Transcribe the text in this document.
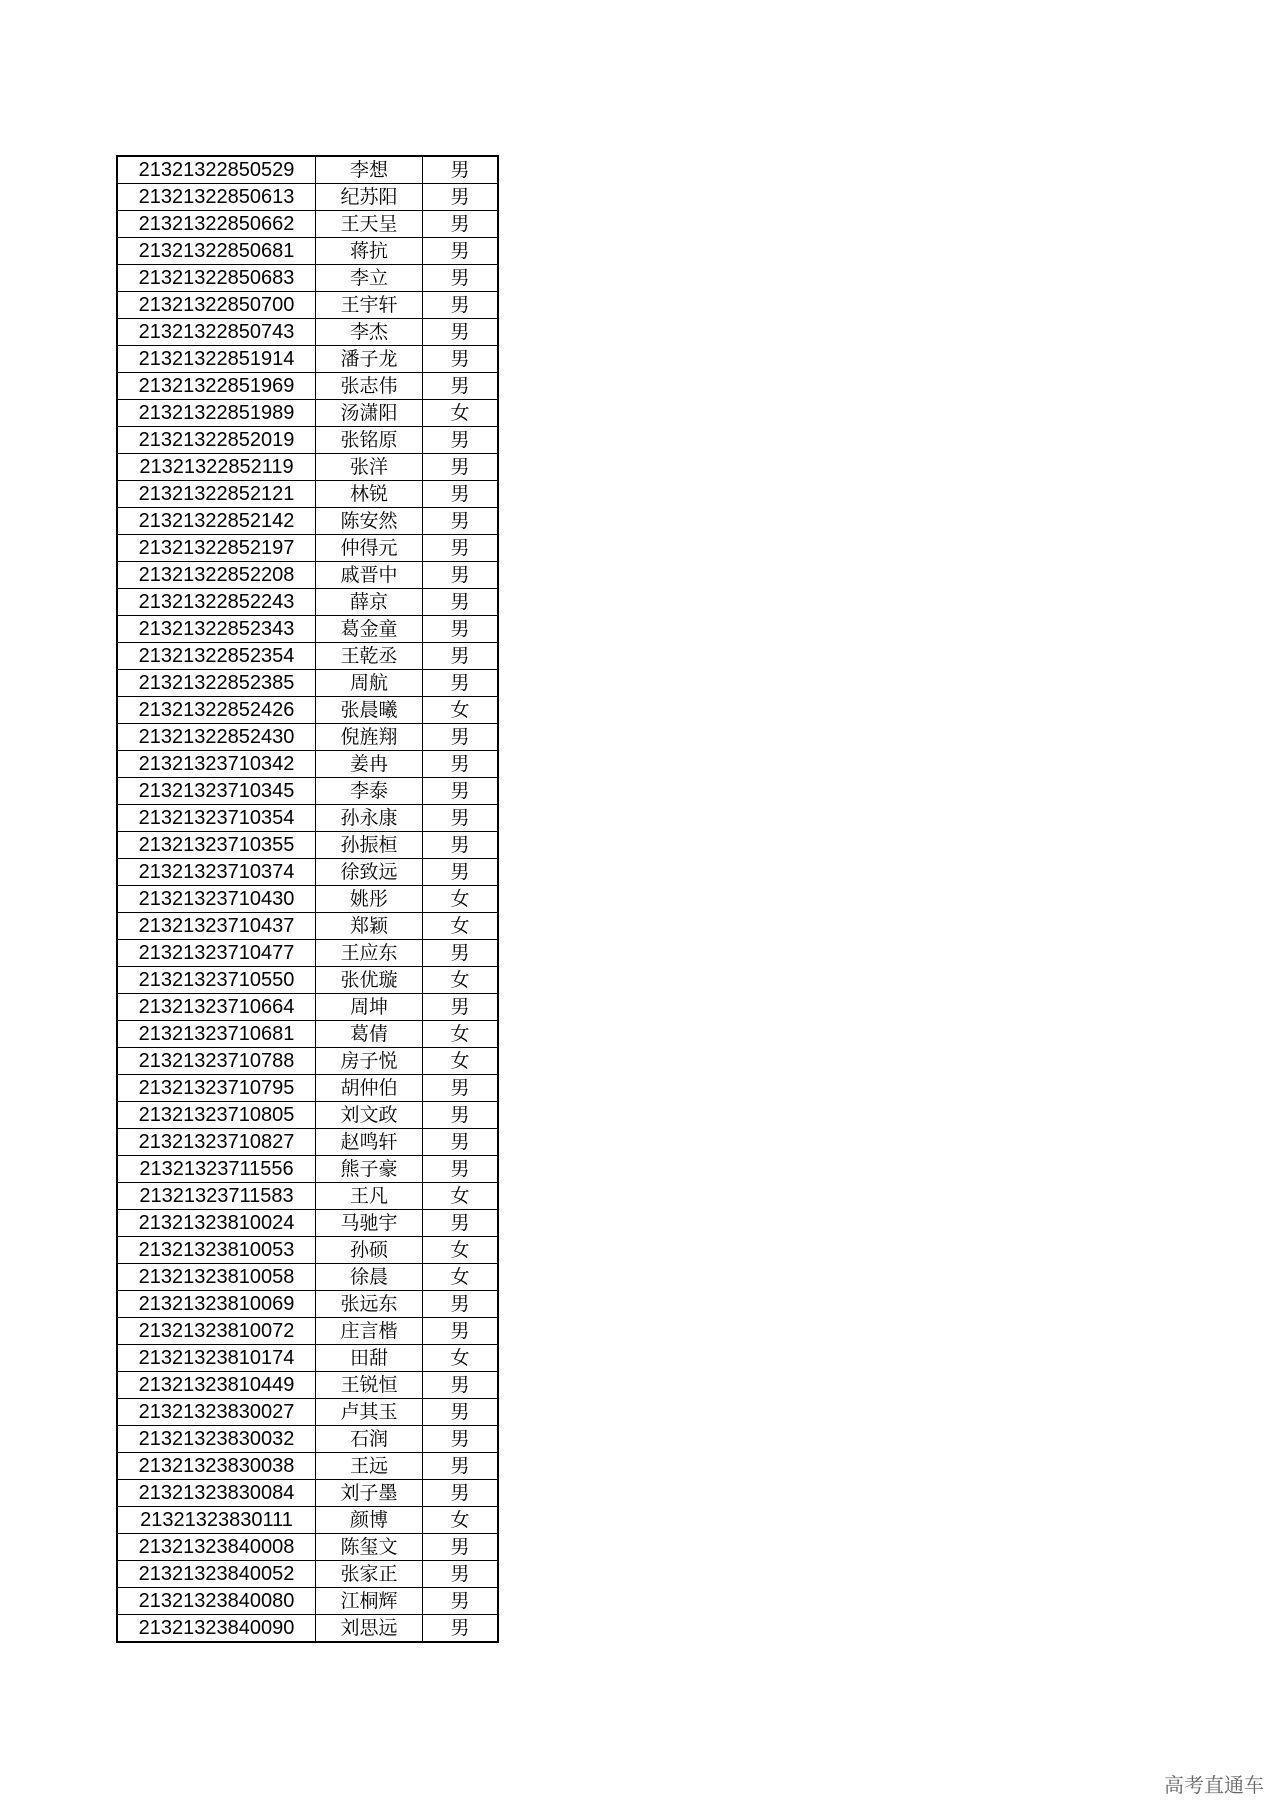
21321322850529	李想	男
21321322850613	纪苏阳	男
21321322850662	王天呈	男
21321322850681	蒋抗	男
21321322850683	李立	男
21321322850700	王宇轩	男
21321322850743	李杰	男
21321322851914	潘子龙	男
21321322851969	张志伟	男
21321322851989	汤潇阳	女
21321322852019	张铭原	男
21321322852119	张洋	男
21321322852121	林锐	男
21321322852142	陈安然	男
21321322852197	仲得元	男
21321322852208	戚晋中	男
21321322852243	薛京	男
21321322852343	葛金童	男
21321322852354	王乾丞	男
21321322852385	周航	男
21321322852426	张晨曦	女
21321322852430	倪旌翔	男
21321323710342	姜冉	男
21321323710345	李泰	男
21321323710354	孙永康	男
21321323710355	孙振桓	男
21321323710374	徐致远	男
21321323710430	姚彤	女
21321323710437	郑颖	女
21321323710477	王应东	男
21321323710550	张优璇	女
21321323710664	周坤	男
21321323710681	葛倩	女
21321323710788	房子悦	女
21321323710795	胡仲伯	男
21321323710805	刘文政	男
21321323710827	赵鸣轩	男
21321323711556	熊子豪	男
21321323711583	王凡	女
21321323810024	马驰宇	男
21321323810053	孙硕	女
21321323810058	徐晨	女
21321323810069	张远东	男
21321323810072	庄言楷	男
21321323810174	田甜	女
21321323810449	王锐恒	男
21321323830027	卢其玉	男
21321323830032	石润	男
21321323830038	王远	男
21321323830084	刘子墨	男
21321323830111	颜博	女
21321323840008	陈玺文	男
21321323840052	张家正	男
21321323840080	江桐辉	男
21321323840090	刘思远	男
高考直通车
